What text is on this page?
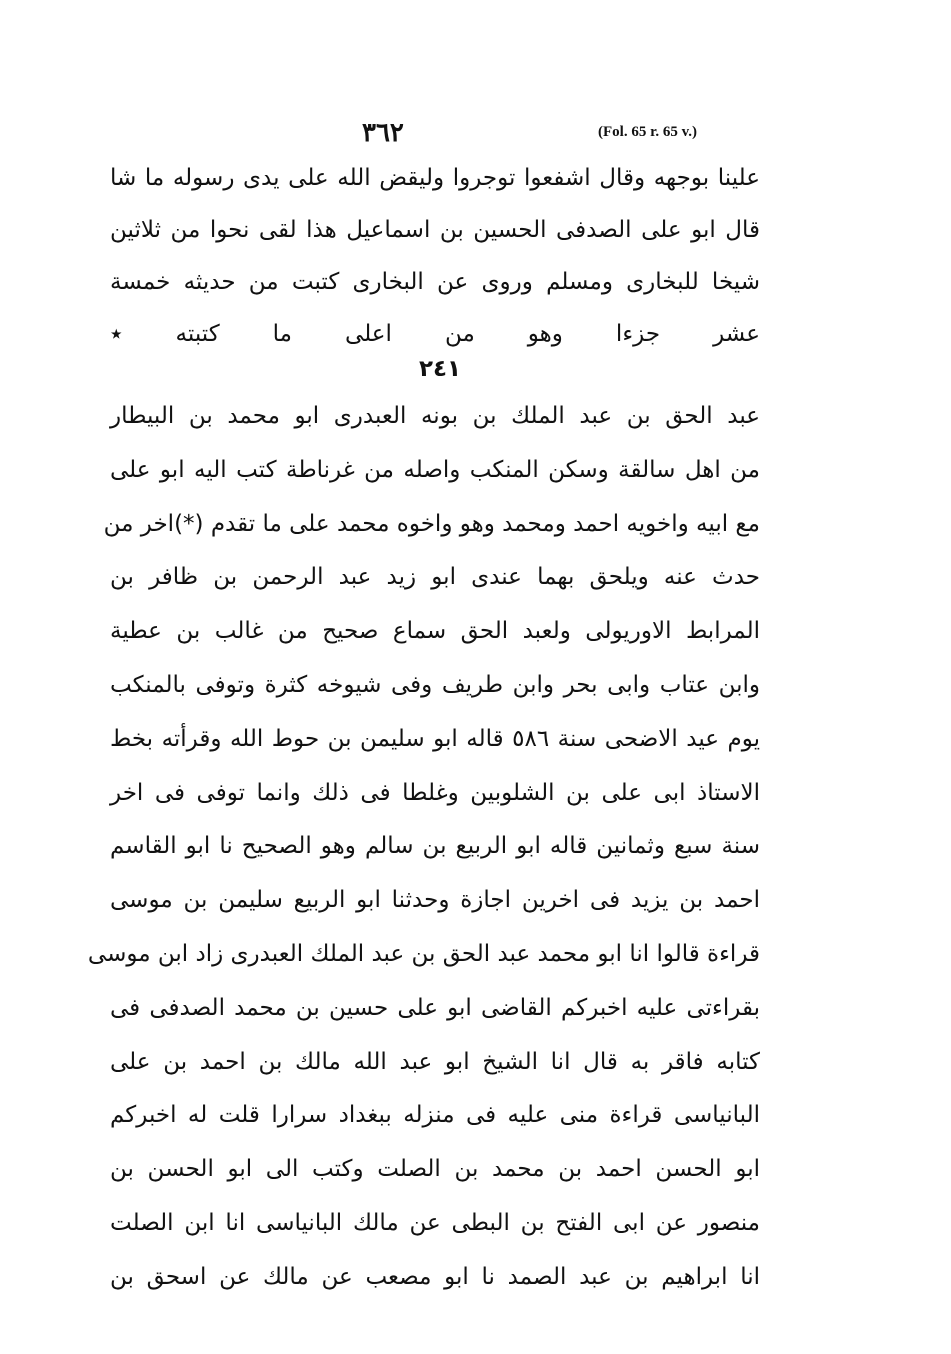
٣٦٢	(Fol. 65 r. 65 v.)
علينا بوجهه وقال اشفعوا توجروا وليقض الله على يدى رسوله ما شا
قال ابو على الصدفى الحسين بن اسماعيل هذا لقى نحوا من ثلاثين
شيخا للبخارى ومسلم وروى عن البخارى كتبت من حديثه خمسة
عشر جزءا وهو من اعلى ما كتبته ٭
٢٤١
عبد الحق بن عبد الملك بن بونه العبدرى ابو محمد بن البيطار
من اهل سالقة وسكن المنكب واصله من غرناطة كتب اليه ابو على
مع ابيه واخويه احمد ومحمد وهو واخوه محمد على ما تقدم (*)اخر من
حدث عنه ويلحق بهما عندى ابو زيد عبد الرحمن بن ظافر بن
المرابط الاوريولى ولعبد الحق سماع صحيح من غالب بن عطية
وابن عتاب وابى بحر وابن طريف وفى شيوخه كثرة وتوفى بالمنكب
يوم عيد الاضحى سنة ٥٨٦ قاله ابو سليمن بن حوط الله وقرأته بخط
الاستاذ ابى على بن الشلوبين وغلطا فى ذلك وانما توفى فى اخر
سنة سبع وثمانين قاله ابو الربيع بن سالم وهو الصحيح نا ابو القاسم
احمد بن يزيد فى اخرين اجازة وحدثنا ابو الربيع سليمن بن موسى
قراءة قالوا انا ابو محمد عبد الحق بن عبد الملك العبدرى زاد ابن موسى
بقراءتى عليه اخبركم القاضى ابو على حسين بن محمد الصدفى فى
كتابه فاقر به قال انا الشيخ ابو عبد الله مالك بن احمد بن على
البانياسى قراءة منى عليه فى منزله ببغداد سرارا قلت له اخبركم
ابو الحسن احمد بن محمد بن الصلت وكتب الى ابو الحسن بن
منصور عن ابى الفتح بن البطى عن مالك البانياسى انا ابن الصلت
انا ابراهيم بن عبد الصمد نا ابو مصعب عن مالك عن اسحق بن
